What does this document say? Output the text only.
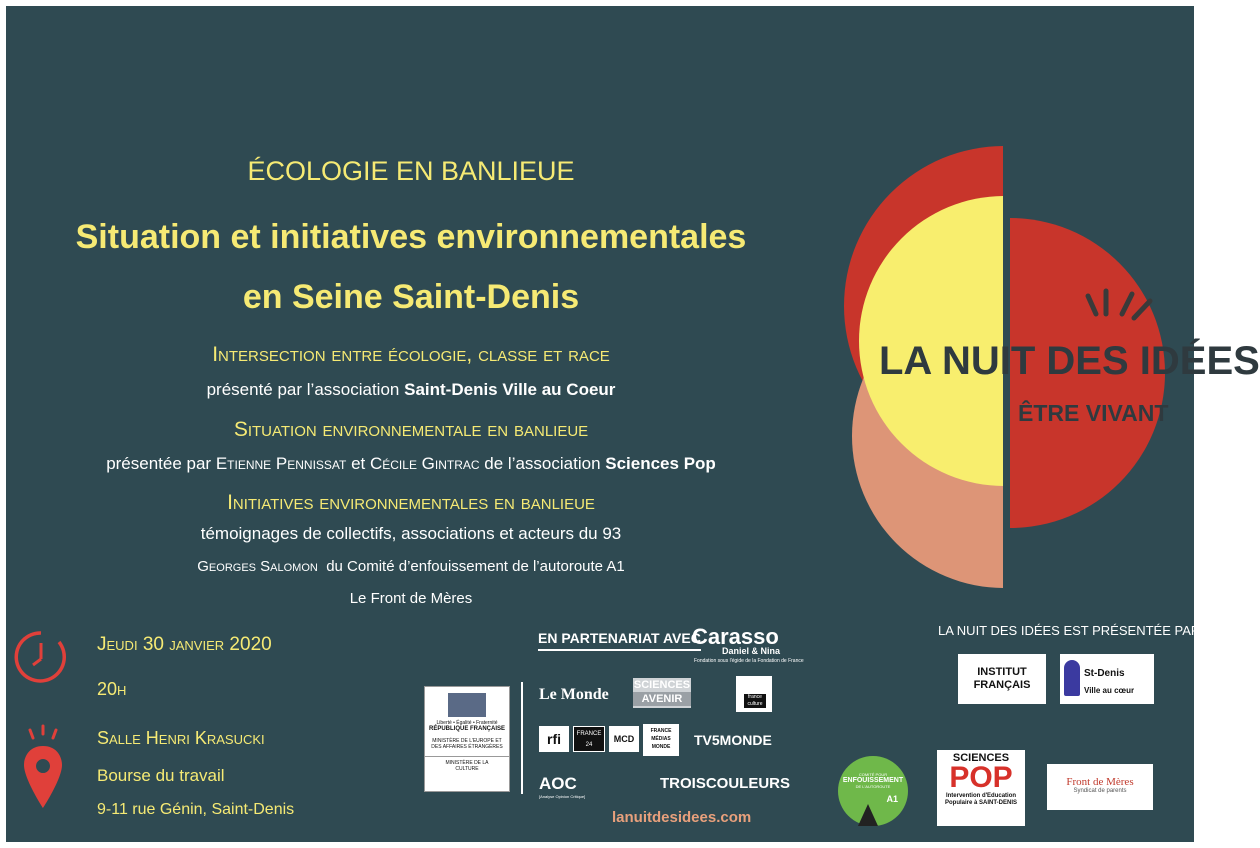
ÉCOLOGIE EN BANLIEUE
Situation et initiatives environnementales
en Seine Saint-Denis
Intersection entre écologie, classe et race
présenté par l’association Saint-Denis Ville au Coeur
Situation environnementale en banlieue
présentée par Etienne Pennissat et Cécile Gintrac de l’association Sciences Pop
Initiatives environnementales en banlieue
témoignages de collectifs, associations et acteurs du 93
Georges Salomon  du Comité d’enfouissement de l’autoroute A1
Le Front de Mères
LA NUIT DES IDÉES
ÊTRE VIVANT
Jeudi 30 janvier 2020
20h
Salle Henri Krasucki
Bourse du travail
9-11 rue Génin, Saint-Denis
EN PARTENARIAT AVEC
Carasso
Daniel & Nina
Fondation sous l'égide de la Fondation de France
Liberté • Égalité • Fraternité
RÉPUBLIQUE FRANÇAISE
MINISTÈRE DE L’EUROPE ET DES AFFAIRES ÉTRANGÈRES
MINISTÈRE DE LA CULTURE
Le Monde
SCIENCES
AVENIR	france culture
rfi	FRANCE 24
MCD
FRANCE MÉDIAS MONDE	TV5MONDE
AOC
[Analyse Opinion Critique]
TROISCOULEURS
lanuitdesidees.com
LA NUIT DES IDÉES EST PRÉSENTÉE PAR
INSTITUT FRANÇAIS
St-Denis
Ville au cœur
COMITÉ POUR
ENFOUISSEMENT
DE L'AUTOROUTE
A1
SCIENCES
POP
Intervention d'Education Populaire à SAINT-DENIS
Front de Mères
Syndicat de parents
